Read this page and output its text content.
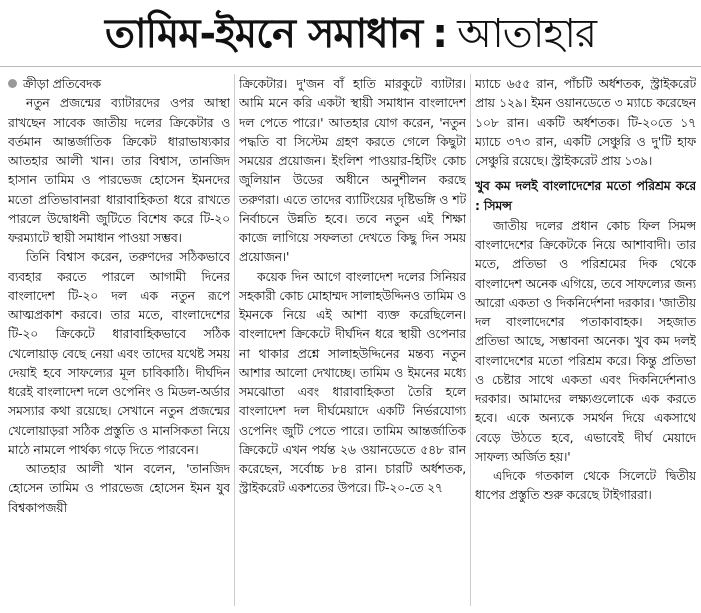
তামিম-ইমনে সমাধান : আতাহার
ক্রীড়া প্রতিবেদক

নতুন প্রজন্মের ব্যাটারদের ওপর আস্থা রাখছেন সাবেক জাতীয় দলের ক্রিকেটার ও বর্তমান আন্তর্জাতিক ক্রিকেট ধারাভাষ্যকার আতহার আলী খান। তার বিশ্বাস, তানজিদ হাসান তামিম ও পারভেজ হোসেন ইমনদের মতো প্রতিভাবানরা ধারাবাহিকতা ধরে রাখতে পারলে উদ্বোধনী জুটিতে বিশেষ করে টি-২০ ফরম্যাটে স্থায়ী সমাধান পাওয়া সম্ভব।

তিনি বিশ্বাস করেন, তরুণদের সঠিকভাবে ব্যবহার করতে পারলে আগামী দিনের বাংলাদেশ টি-২০ দল এক নতুন রূপে আত্মপ্রকাশ করবে। তার মতে, বাংলাদেশের টি-২০ ক্রিকেটে ধারাবাহিকভাবে সঠিক খেলোয়াড় বেছে নেয়া এবং তাদের যথেষ্ট সময় দেয়াই হবে সাফল্যের মূল চাবিকাঠি। দীর্ঘদিন ধরেই বাংলাদেশ দলে ওপেনিং ও মিডল-অর্ডার সমস্যার কথা রয়েছে। সেখানে নতুন প্রজন্মের খেলোয়াড়রা সঠিক প্রস্তুতি ও মানসিকতা নিয়ে মাঠে নামলে পার্থক্য গড়ে দিতে পারবেন।

আতহার আলী খান বলেন, 'তানজিদ হোসেন তামিম ও পারভেজ হোসেন ইমন যুব বিশ্বকাপজয়ী

ক্রিকেটার। দু'জন বাঁ হাতি মারকুটে ব্যাটার। আমি মনে করি একটা স্থায়ী সমাধান বাংলাদেশ দল পেতে পারে।' আতহার যোগ করেন, 'নতুন পদ্ধতি বা সিস্টেম গ্রহণ করতে গেলে কিছুটা সময়ের প্রয়োজন। ইংলিশ পাওয়ার-হিটিং কোচ জুলিয়ান উডের অধীনে অনুশীলন করছে তরুণরা। এতে তাদের ব্যাটিংয়ের দৃষ্টিভঙ্গি ও শট নির্বাচনে উন্নতি হবে। তবে নতুন এই শিক্ষা কাজে লাগিয়ে সফলতা দেখতে কিছু দিন সময় প্রয়োজন।'

কয়েক দিন আগে বাংলাদেশ দলের সিনিয়র সহকারী কোচ মোহাম্মদ সালাহউদ্দিনও তামিম ও ইমনকে নিয়ে এই আশা ব্যক্ত করেছিলেন। বাংলাদেশ ক্রিকেটে দীর্ঘদিন ধরে স্থায়ী ওপেনার না থাকার প্রশ্নে সালাহউদ্দিনের মন্তব্য নতুন আশার আলো দেখাচ্ছে। তামিম ও ইমনের মধ্যে সমঝোতা এবং ধারাবাহিকতা তৈরি হলে বাংলাদেশ দল দীর্ঘমেয়াদে একটি নির্ভরযোগ্য ওপেনিং জুটি পেতে পারে। তামিম আন্তর্জাতিক ক্রিকেটে এখন পর্যন্ত ২৬ ওয়ানডেতে ৫৪৮ রান করেছেন, সর্বোচ্চ ৮৪ রান। চারটি অর্ধশতক, স্ট্রাইকরেট একশতের উপরে। টি-২০-তে ২৭

ম্যাচে ৬৫৫ রান, পাঁচটি অর্ধশতক, স্ট্রাইকরেট প্রায় ১২৯। ইমন ওয়ানডেতে ৩ ম্যাচে করেছেন ১০৮ রান। একটি অর্ধশতক। টি-২০তে ১৭ ম্যাচে ৩৭৩ রান, একটি সেঞ্চুরি ও দু'টি হাফ সেঞ্চুরি রয়েছে। স্ট্রাইকরেট প্রায় ১৩৯।

খুব কম দলই বাংলাদেশের মতো পরিশ্রম করে : সিমন্স

জাতীয় দলের প্রধান কোচ ফিল সিমন্স বাংলাদেশের ক্রিকেটকে নিয়ে আশাবাদী। তার মতে, প্রতিভা ও পরিশ্রমের দিক থেকে বাংলাদেশ অনেক এগিয়ে, তবে সাফল্যের জন্য আরো একতা ও দিকনির্দেশনা দরকার। 'জাতীয় দল বাংলাদেশের পতাকাবাহক। সহজাত প্রতিভা আছে, সম্ভাবনা অনেক। খুব কম দলই বাংলাদেশের মতো পরিশ্রম করে। কিন্তু প্রতিভা ও চেষ্টার সাথে একতা এবং দিকনির্দেশনাও দরকার। আমাদের লক্ষ্যগুলোকে এক করতে হবে। একে অন্যকে সমর্থন দিয়ে একসাথে বেড়ে উঠতে হবে, এভাবেই দীর্ঘ মেয়াদে সাফল্য অর্জিত হয়।'

এদিকে গতকাল থেকে সিলেটে দ্বিতীয় ধাপের প্রস্তুতি শুরু করেছে টাইগাররা।
